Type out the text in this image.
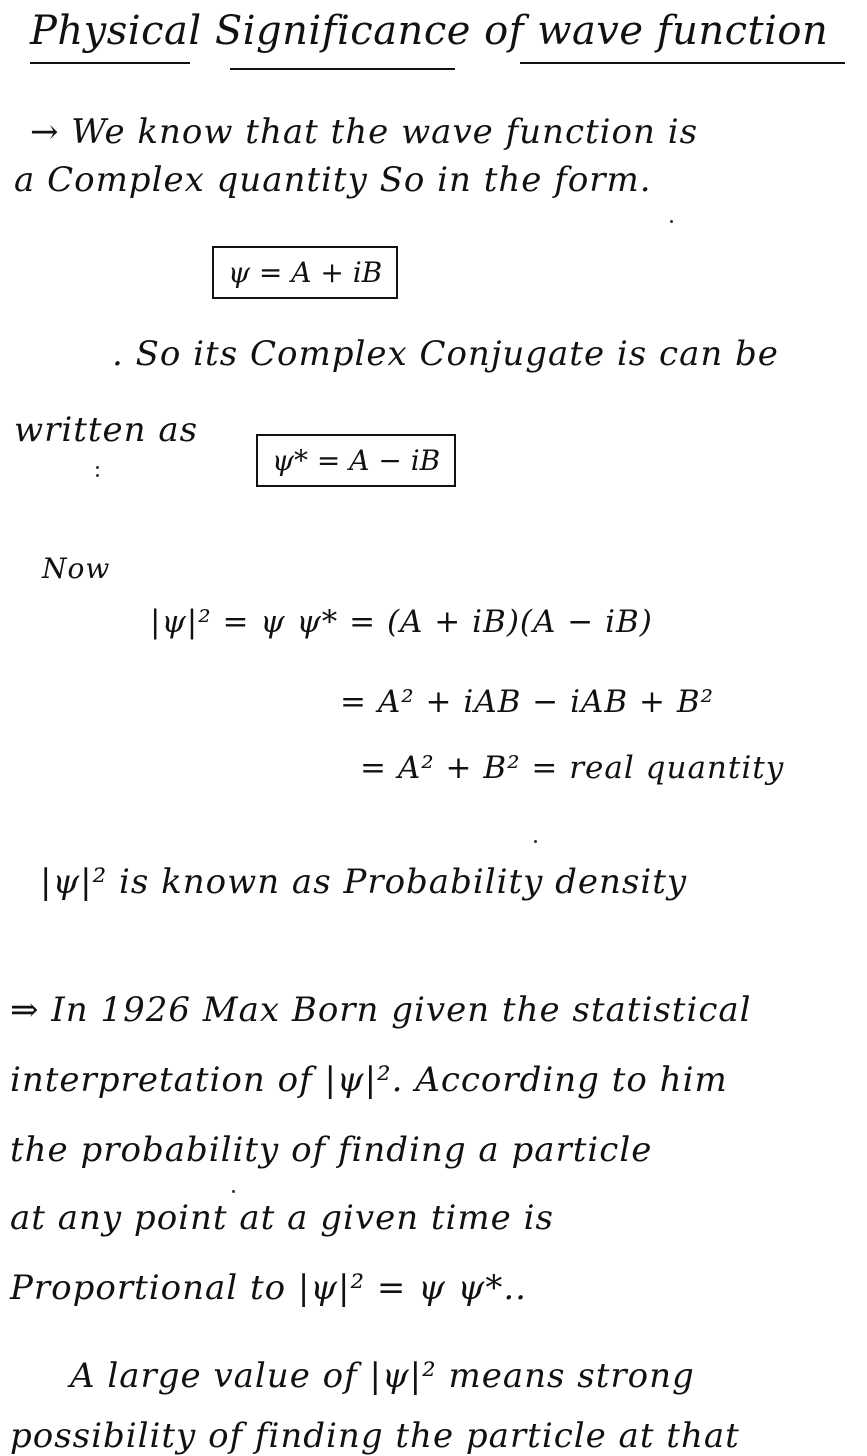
Physical Significance of wave function
→ We know that the wave function is
a Complex quantity So in the form.
ψ = A + iB
. So its Complex Conjugate is can be
written as
ψ* = A − iB
Now
|ψ|² = ψ ψ* = (A + iB)(A − iB)
= A² + iAB − iAB + B²
= A² + B² = real quantity
|ψ|² is known as Probability density
⇒ In 1926 Max Born given the statistical
interpretation of |ψ|². According to him
the probability of finding a particle
at any point at a given time is
Proportional to |ψ|² = ψ ψ*..
A large value of |ψ|² means strong
possibility of finding the particle at that
